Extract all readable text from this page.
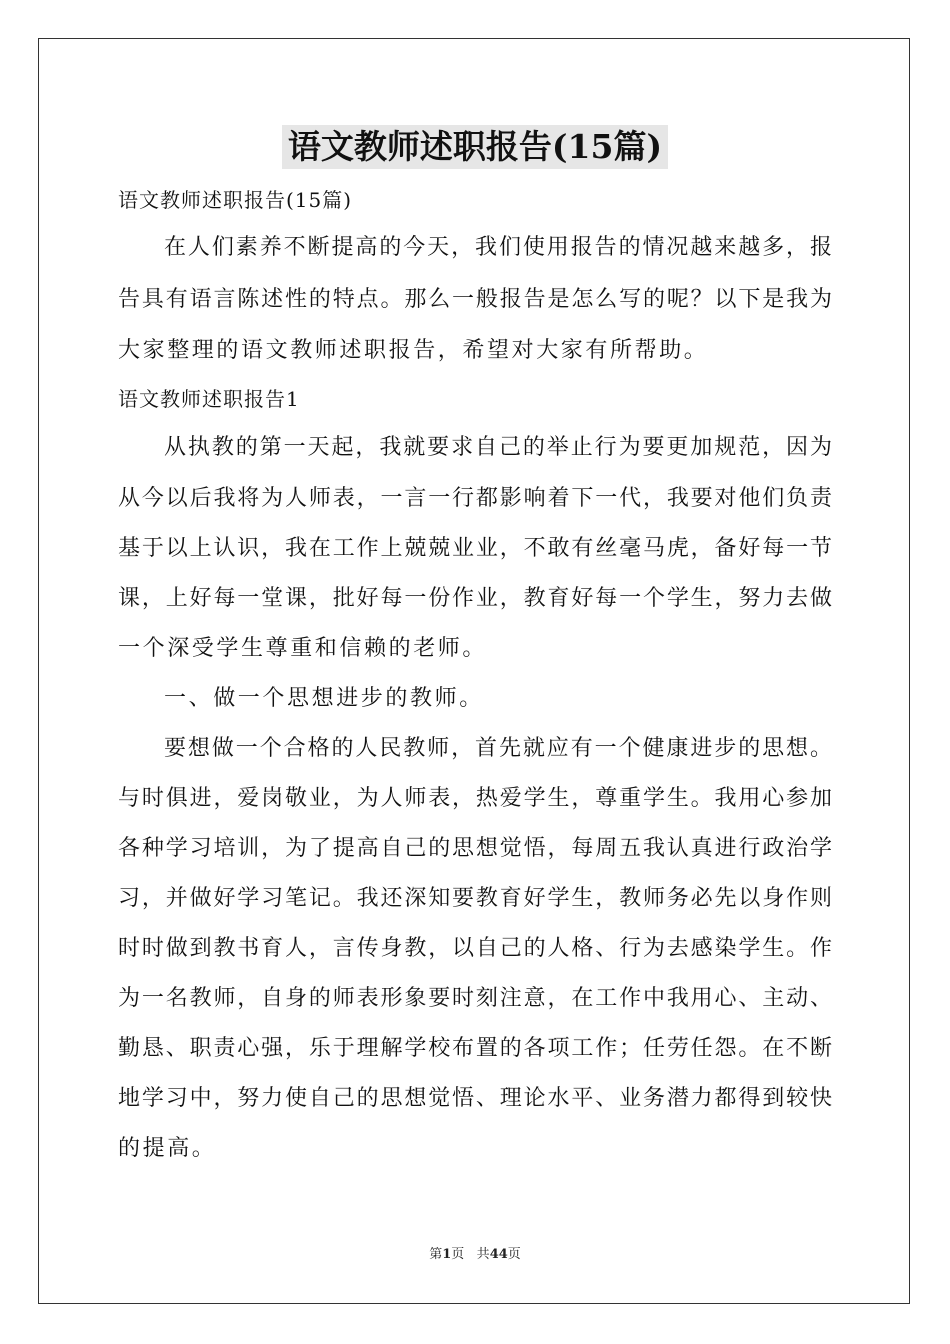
语文教师述职报告(15篇)
语文教师述职报告(15篇)
在人们素养不断提高的今天，我们使用报告的情况越来越多，报
告具有语言陈述性的特点。那么一般报告是怎么写的呢？以下是我为
大家整理的语文教师述职报告，希望对大家有所帮助。
语文教师述职报告1
从执教的第一天起，我就要求自己的举止行为要更加规范，因为
从今以后我将为人师表，一言一行都影响着下一代，我要对他们负责
基于以上认识，我在工作上兢兢业业，不敢有丝毫马虎，备好每一节
课，上好每一堂课，批好每一份作业，教育好每一个学生，努力去做
一个深受学生尊重和信赖的老师。
一、做一个思想进步的教师。
要想做一个合格的人民教师，首先就应有一个健康进步的思想。
与时俱进，爱岗敬业，为人师表，热爱学生，尊重学生。我用心参加
各种学习培训，为了提高自己的思想觉悟，每周五我认真进行政治学
习，并做好学习笔记。我还深知要教育好学生，教师务必先以身作则
时时做到教书育人，言传身教，以自己的人格、行为去感染学生。作
为一名教师，自身的师表形象要时刻注意，在工作中我用心、主动、
勤恳、职责心强，乐于理解学校布置的各项工作；任劳任怨。在不断
地学习中，努力使自己的思想觉悟、理论水平、业务潜力都得到较快
的提高。
第1页 共44页
